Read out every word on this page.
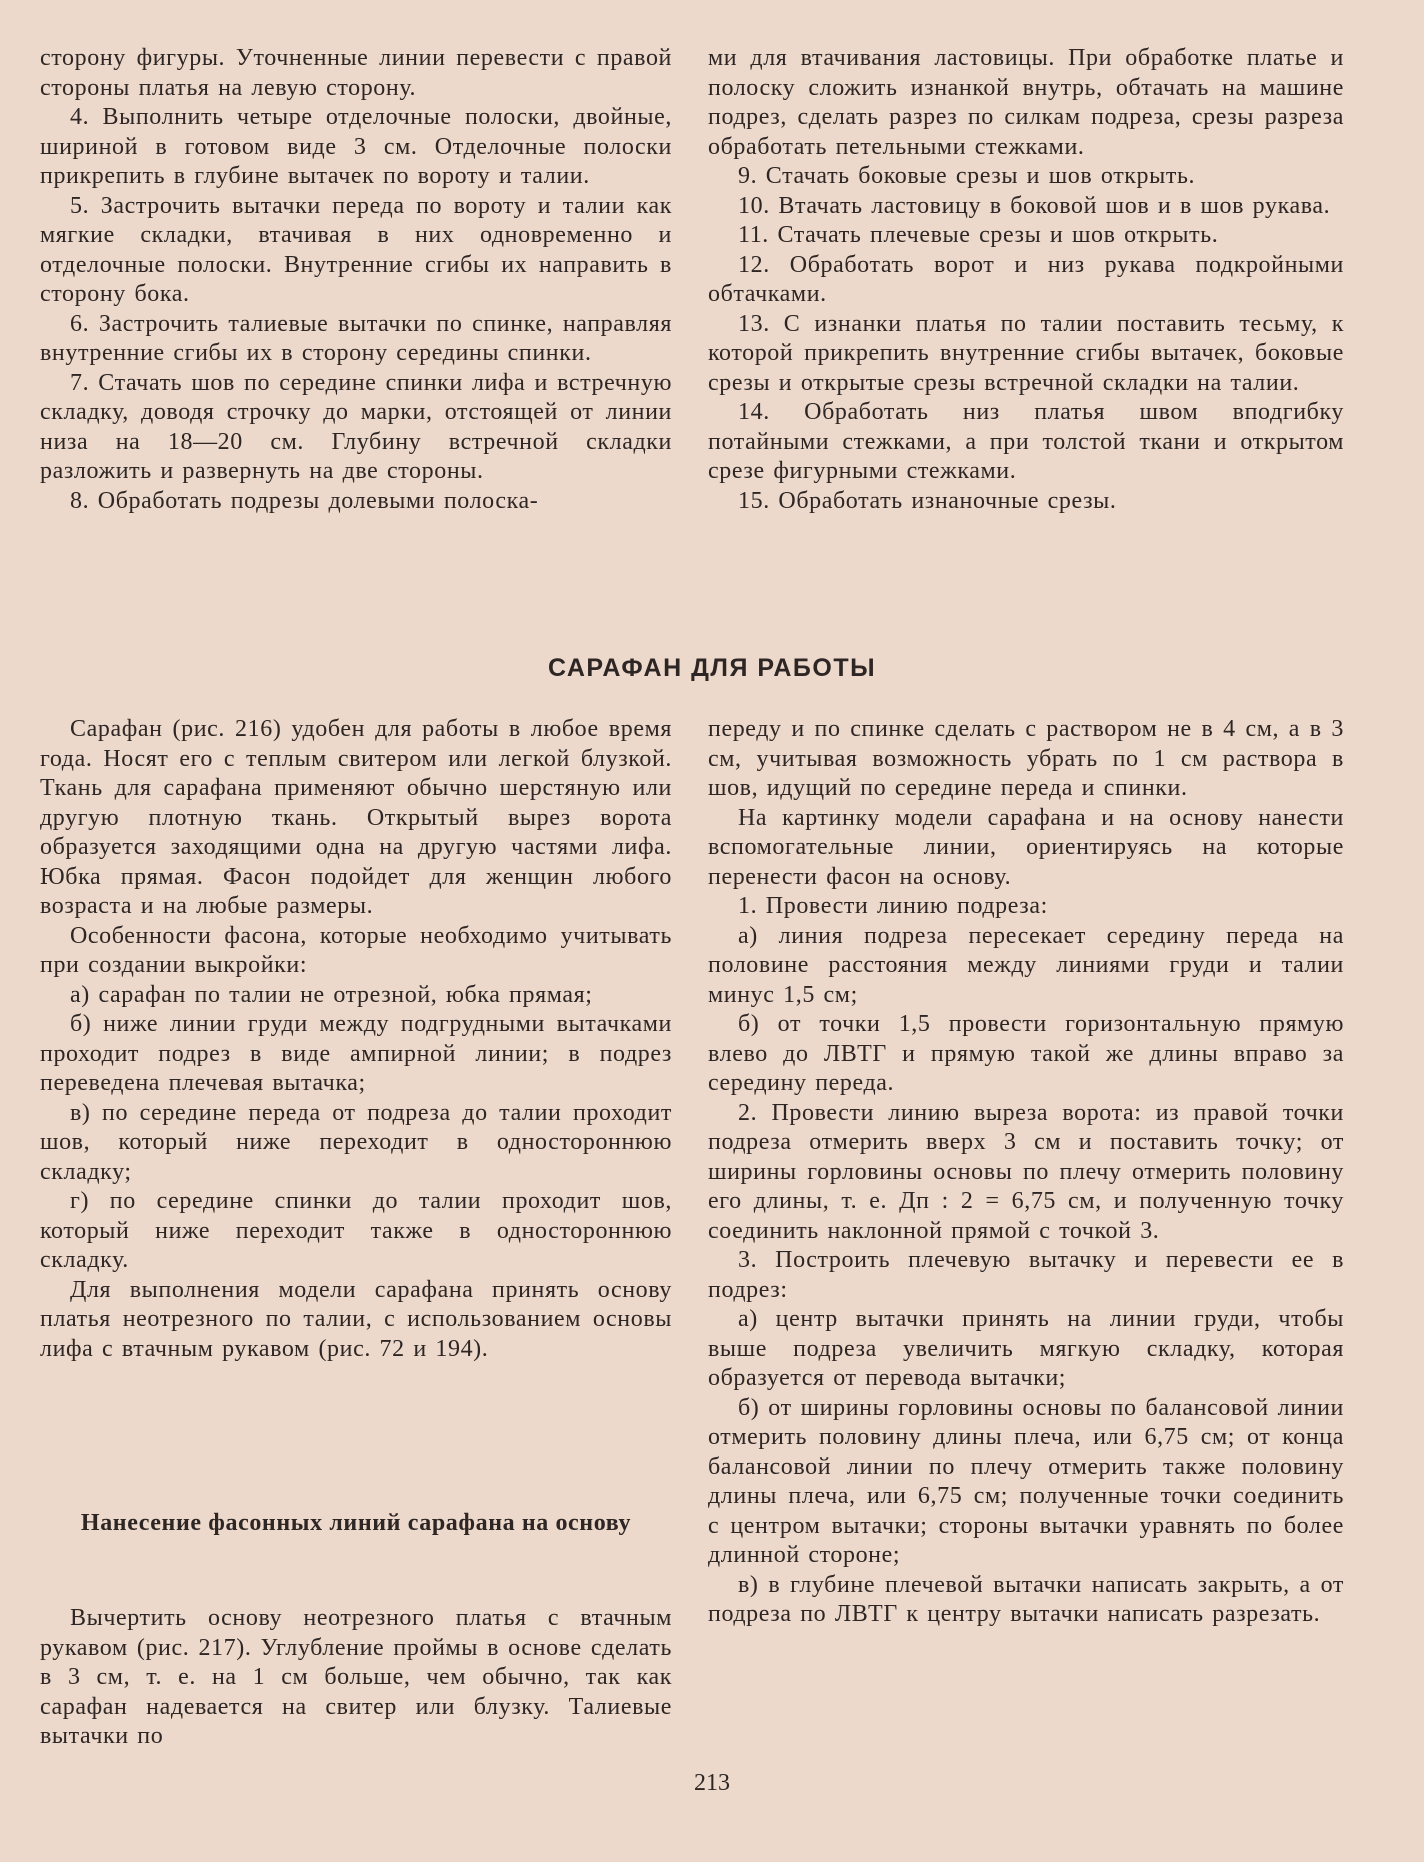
сторону фигуры. Уточненные линии перевести с правой стороны платья на левую сторону.

4. Выполнить четыре отделочные полоски, двойные, шириной в готовом виде 3 см. Отделочные полоски прикрепить в глубине вытачек по вороту и талии.

5. Застрочить вытачки переда по вороту и талии как мягкие складки, втачивая в них одновременно и отделочные полоски. Внутренние сгибы их направить в сторону бока.

6. Застрочить талиевые вытачки по спинке, направляя внутренние сгибы их в сторону середины спинки.

7. Стачать шов по середине спинки лифа и встречную складку, доводя строчку до марки, отстоящей от линии низа на 18—20 см. Глубину встречной складки разложить и развернуть на две стороны.

8. Обработать подрезы долевыми полоска-

ми для втачивания ластовицы. При обработке платье и полоску сложить изнанкой внутрь, обтачать на машине подрез, сделать разрез по силкам подреза, срезы разреза обработать петельными стежками.

9. Стачать боковые срезы и шов открыть.

10. Втачать ластовицу в боковой шов и в шов рукава.

11. Стачать плечевые срезы и шов открыть.

12. Обработать ворот и низ рукава подкройными обтачками.

13. С изнанки платья по талии поставить тесьму, к которой прикрепить внутренние сгибы вытачек, боковые срезы и открытые срезы встречной складки на талии.

14. Обработать низ платья швом вподгибку потайными стежками, а при толстой ткани и открытом срезе фигурными стежками.

15. Обработать изнаночные срезы.

САРАФАН ДЛЯ РАБОТЫ

Сарафан (рис. 216) удобен для работы в любое время года. Носят его с теплым свитером или легкой блузкой. Ткань для сарафана применяют обычно шерстяную или другую плотную ткань. Открытый вырез ворота образуется заходящими одна на другую частями лифа. Юбка прямая. Фасон подойдет для женщин любого возраста и на любые размеры.

Особенности фасона, которые необходимо учитывать при создании выкройки:

а) сарафан по талии не отрезной, юбка прямая;

б) ниже линии груди между подгрудными вытачками проходит подрез в виде ампирной линии; в подрез переведена плечевая вытачка;

в) по середине переда от подреза до талии проходит шов, который ниже переходит в одностороннюю складку;

г) по середине спинки до талии проходит шов, который ниже переходит также в одностороннюю складку.

Для выполнения модели сарафана принять основу платья неотрезного по талии, с использованием основы лифа с втачным рукавом (рис. 72 и 194).

Нанесение фасонных линий сарафана на основу

Вычертить основу неотрезного платья с втачным рукавом (рис. 217). Углубление проймы в основе сделать в 3 см, т. е. на 1 см больше, чем обычно, так как сарафан надевается на свитер или блузку. Талиевые вытачки по

переду и по спинке сделать с раствором не в 4 см, а в 3 см, учитывая возможность убрать по 1 см раствора в шов, идущий по середине переда и спинки.

На картинку модели сарафана и на основу нанести вспомогательные линии, ориентируясь на которые перенести фасон на основу.

1. Провести линию подреза:

а) линия подреза пересекает середину переда на половине расстояния между линиями груди и талии минус 1,5 см;

б) от точки 1,5 провести горизонтальную прямую влево до ЛВТГ и прямую такой же длины вправо за середину переда.

2. Провести линию выреза ворота: из правой точки подреза отмерить вверх 3 см и поставить точку; от ширины горловины основы по плечу отмерить половину его длины, т. е. Дп : 2 = 6,75 см, и полученную точку соединить наклонной прямой с точкой 3.

3. Построить плечевую вытачку и перевести ее в подрез:

а) центр вытачки принять на линии груди, чтобы выше подреза увеличить мягкую складку, которая образуется от перевода вытачки;

б) от ширины горловины основы по балансовой линии отмерить половину длины плеча, или 6,75 см; от конца балансовой линии по плечу отмерить также половину длины плеча, или 6,75 см; полученные точки соединить с центром вытачки; стороны вытачки уравнять по более длинной стороне;

в) в глубине плечевой вытачки написать закрыть, а от подреза по ЛВТГ к центру вытачки написать разрезать.

213
